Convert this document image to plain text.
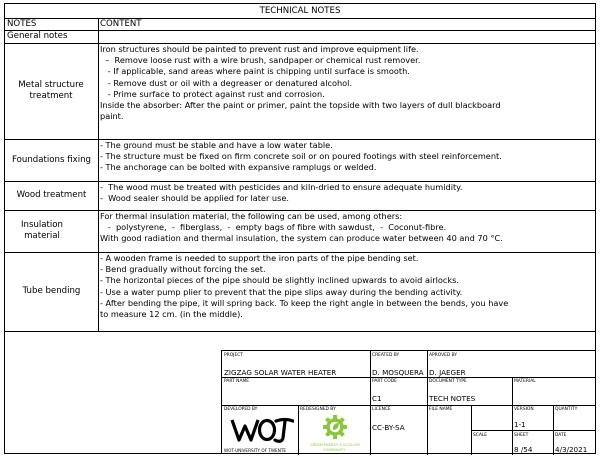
TECHNICAL NOTES
NOTES	CONTENT
General notes
Metal structure treatment
Iron structures should be painted to prevent rust and improve equipment life.
–  Remove loose rust with a wire brush, sandpaper or chemical rust remover.
- If applicable, sand areas where paint is chipping until surface is smooth.
- Remove dust or oil with a degreaser or denatured alcohol.
- Prime surface to protect against rust and corrosion.
Inside the absorber: After the paint or primer, paint the topside with two layers of dull blackboard
paint.
Foundations fixing
- The ground must be stable and have a low water table.
- The structure must be fixed on firm concrete soil or on poured footings with steel reinforcement.
- The anchorage can be bolted with expansive ramplugs or welded.
Wood treatment
-  The wood must be treated with pesticides and kiln-dried to ensure adequate humidity.
-  Wood sealer should be applied for later use.
Insulation material
For thermal insulation material, the following can be used, among others:
-  polystyrene,  -  fiberglass,  -  empty bags of fibre with sawdust,  -  Coconut-fibre.
With good radiation and thermal insulation, the system can produce water between 40 and 70 °C.
Tube bending
- A wooden frame is needed to support the iron parts of the pipe bending set.
- Bend gradually without forcing the set.
- The horizontal pieces of the pipe should be slightly inclined upwards to avoid airlocks.
- Use a water pump plier to prevent that the pipe slips away during the bending activity.
- After bending the pipe, it will spring back. To keep the right angle in between the bends, you have
to measure 12 cm. (in the middle).
PROJECT
ZIGZAG SOLAR WATER HEATER
CREATED BY
D. MOSQUERA
APROVED BY
D. JAEGER
PART NAME	PART CODE
C1
DOCUMENT TYPE
TECH NOTES
MATERIAL
DEVELOPED BY
WOT-UNIVERSITY OF TWENTE
REDESIGNED BY
GREEN ENERGY & ECOLOGY
COMMUNITY
LICENCE
CC-BY-SA
FILE NAME
SCALE
VERSION
1-1
QUANTITY
SHEET
8 /54
DATE
4/3/2021
